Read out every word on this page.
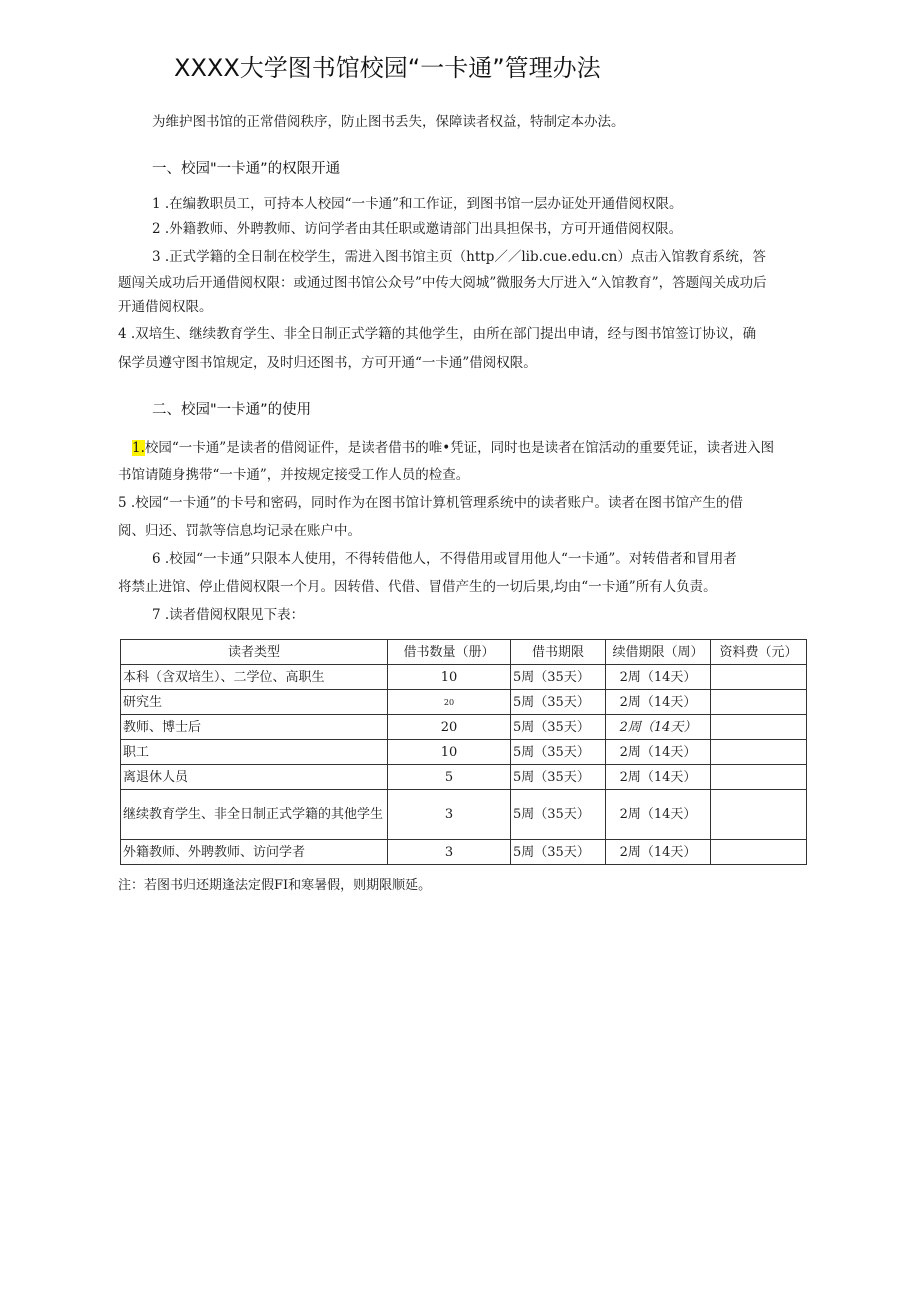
XXXX大学图书馆校园“一卡通”管理办法
为维护图书馆的正常借阅秩序，防止图书丢失，保障读者权益，特制定本办法。
一、校园"一卡通”的权限开通
1 .在编教职员工，可持本人校园“一卡通”和工作证，到图书馆一层办证处开通借阅权限。
2 .外籍教师、外聘教师、访问学者由其任职或邀请部门出具担保书，方可开通借阅权限。
3 .正式学籍的全日制在校学生，需进入图书馆主页（http／／lib.cue.edu.cn）点击入馆教育系统，答
题闯关成功后开通借阅权限：或通过图书馆公众号”中传大阅城”微服务大厅进入“入馆教育”，答题闯关成功后
开通借阅权限。
4 .双培生、继续教育学生、非全日制正式学籍的其他学生，由所在部门提出申请，经与图书馆签订协议，确
保学员遵守图书馆规定，及时归还图书，方可开通“一卡通”借阅权限。
二、校园"一卡通”的使用
1.校园“一卡通”是读者的借阅证件，是读者借书的唯•凭证，同时也是读者在馆活动的重要凭证，读者进入图
书馆请随身携带“一卡通”，并按规定接受工作人员的检查。
5 .校园“一卡通”的卡号和密码，同时作为在图书馆计算机管理系统中的读者账户。读者在图书馆产生的借
阅、归还、罚款等信息均记录在账户中。
6 .校园“一卡通”只限本人使用，不得转借他人，不得借用或冒用他人“一卡通”。对转借者和冒用者
将禁止进馆、停止借阅权限一个月。因转借、代借、冒借产生的一切后果,均由“一卡通”所有人负责。
7 .读者借阅权限见下表：
读者类型	借书数量（册）	借书期限	续借期限（周）	资料费（元）
本科（含双培生）、二学位、高职生	10	5周（35天）	2周（14天）	
研究生	$^{20}$	5周（35天）	2周（14天）	
教师、博士后	20	5周（35天）	2周（14天）	
职工	10	5周（35天）	2周（14天）	
离退休人员	5	5周（35天）	2周（14天）	
继续教育学生、非全日制正式学籍的其他学生	3	5周（35天）	2周（14天）	
外籍教师、外聘教师、访问学者	3	5周（35天）	2周（14天）	
注：若图书归还期逢法定假FI和寒暑假，则期限顺延。
